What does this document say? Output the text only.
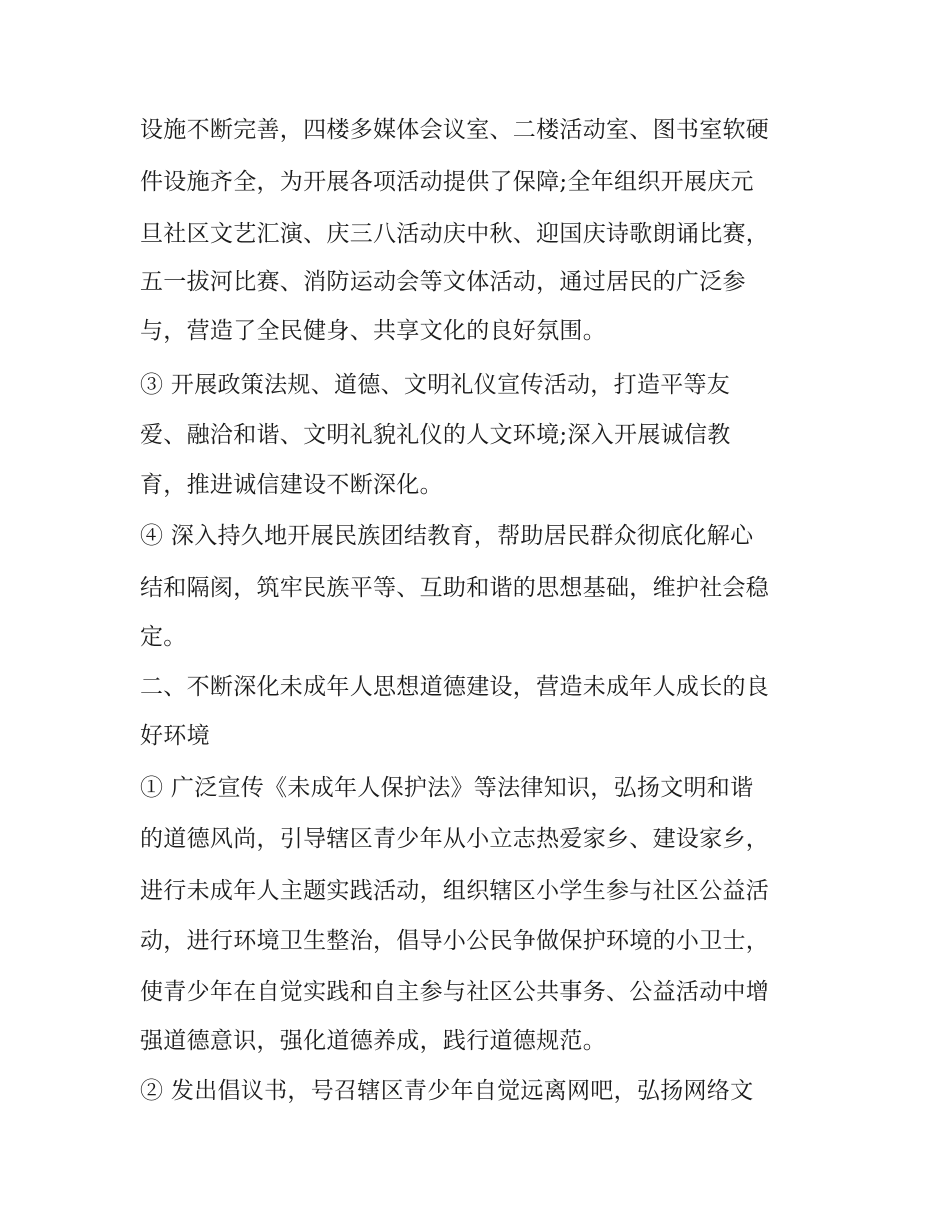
设施不断完善，四楼多媒体会议室、二楼活动室、图书室软硬

件设施齐全，为开展各项活动提供了保障;全年组织开展庆元

旦社区文艺汇演、庆三八活动庆中秋、迎国庆诗歌朗诵比赛，

五一拔河比赛、消防运动会等文体活动，通过居民的广泛参

与，营造了全民健身、共享文化的良好氛围。

③ 开展政策法规、道德、文明礼仪宣传活动，打造平等友

爱、融洽和谐、文明礼貌礼仪的人文环境;深入开展诚信教

育，推进诚信建设不断深化。

④ 深入持久地开展民族团结教育，帮助居民群众彻底化解心

结和隔阂，筑牢民族平等、互助和谐的思想基础，维护社会稳

定。

二、不断深化未成年人思想道德建设，营造未成年人成长的良

好环境

① 广泛宣传《未成年人保护法》等法律知识，弘扬文明和谐

的道德风尚，引导辖区青少年从小立志热爱家乡、建设家乡，

进行未成年人主题实践活动，组织辖区小学生参与社区公益活

动，进行环境卫生整治，倡导小公民争做保护环境的小卫士，

使青少年在自觉实践和自主参与社区公共事务、公益活动中增

强道德意识，强化道德养成，践行道德规范。

② 发出倡议书，号召辖区青少年自觉远离网吧，弘扬网络文
